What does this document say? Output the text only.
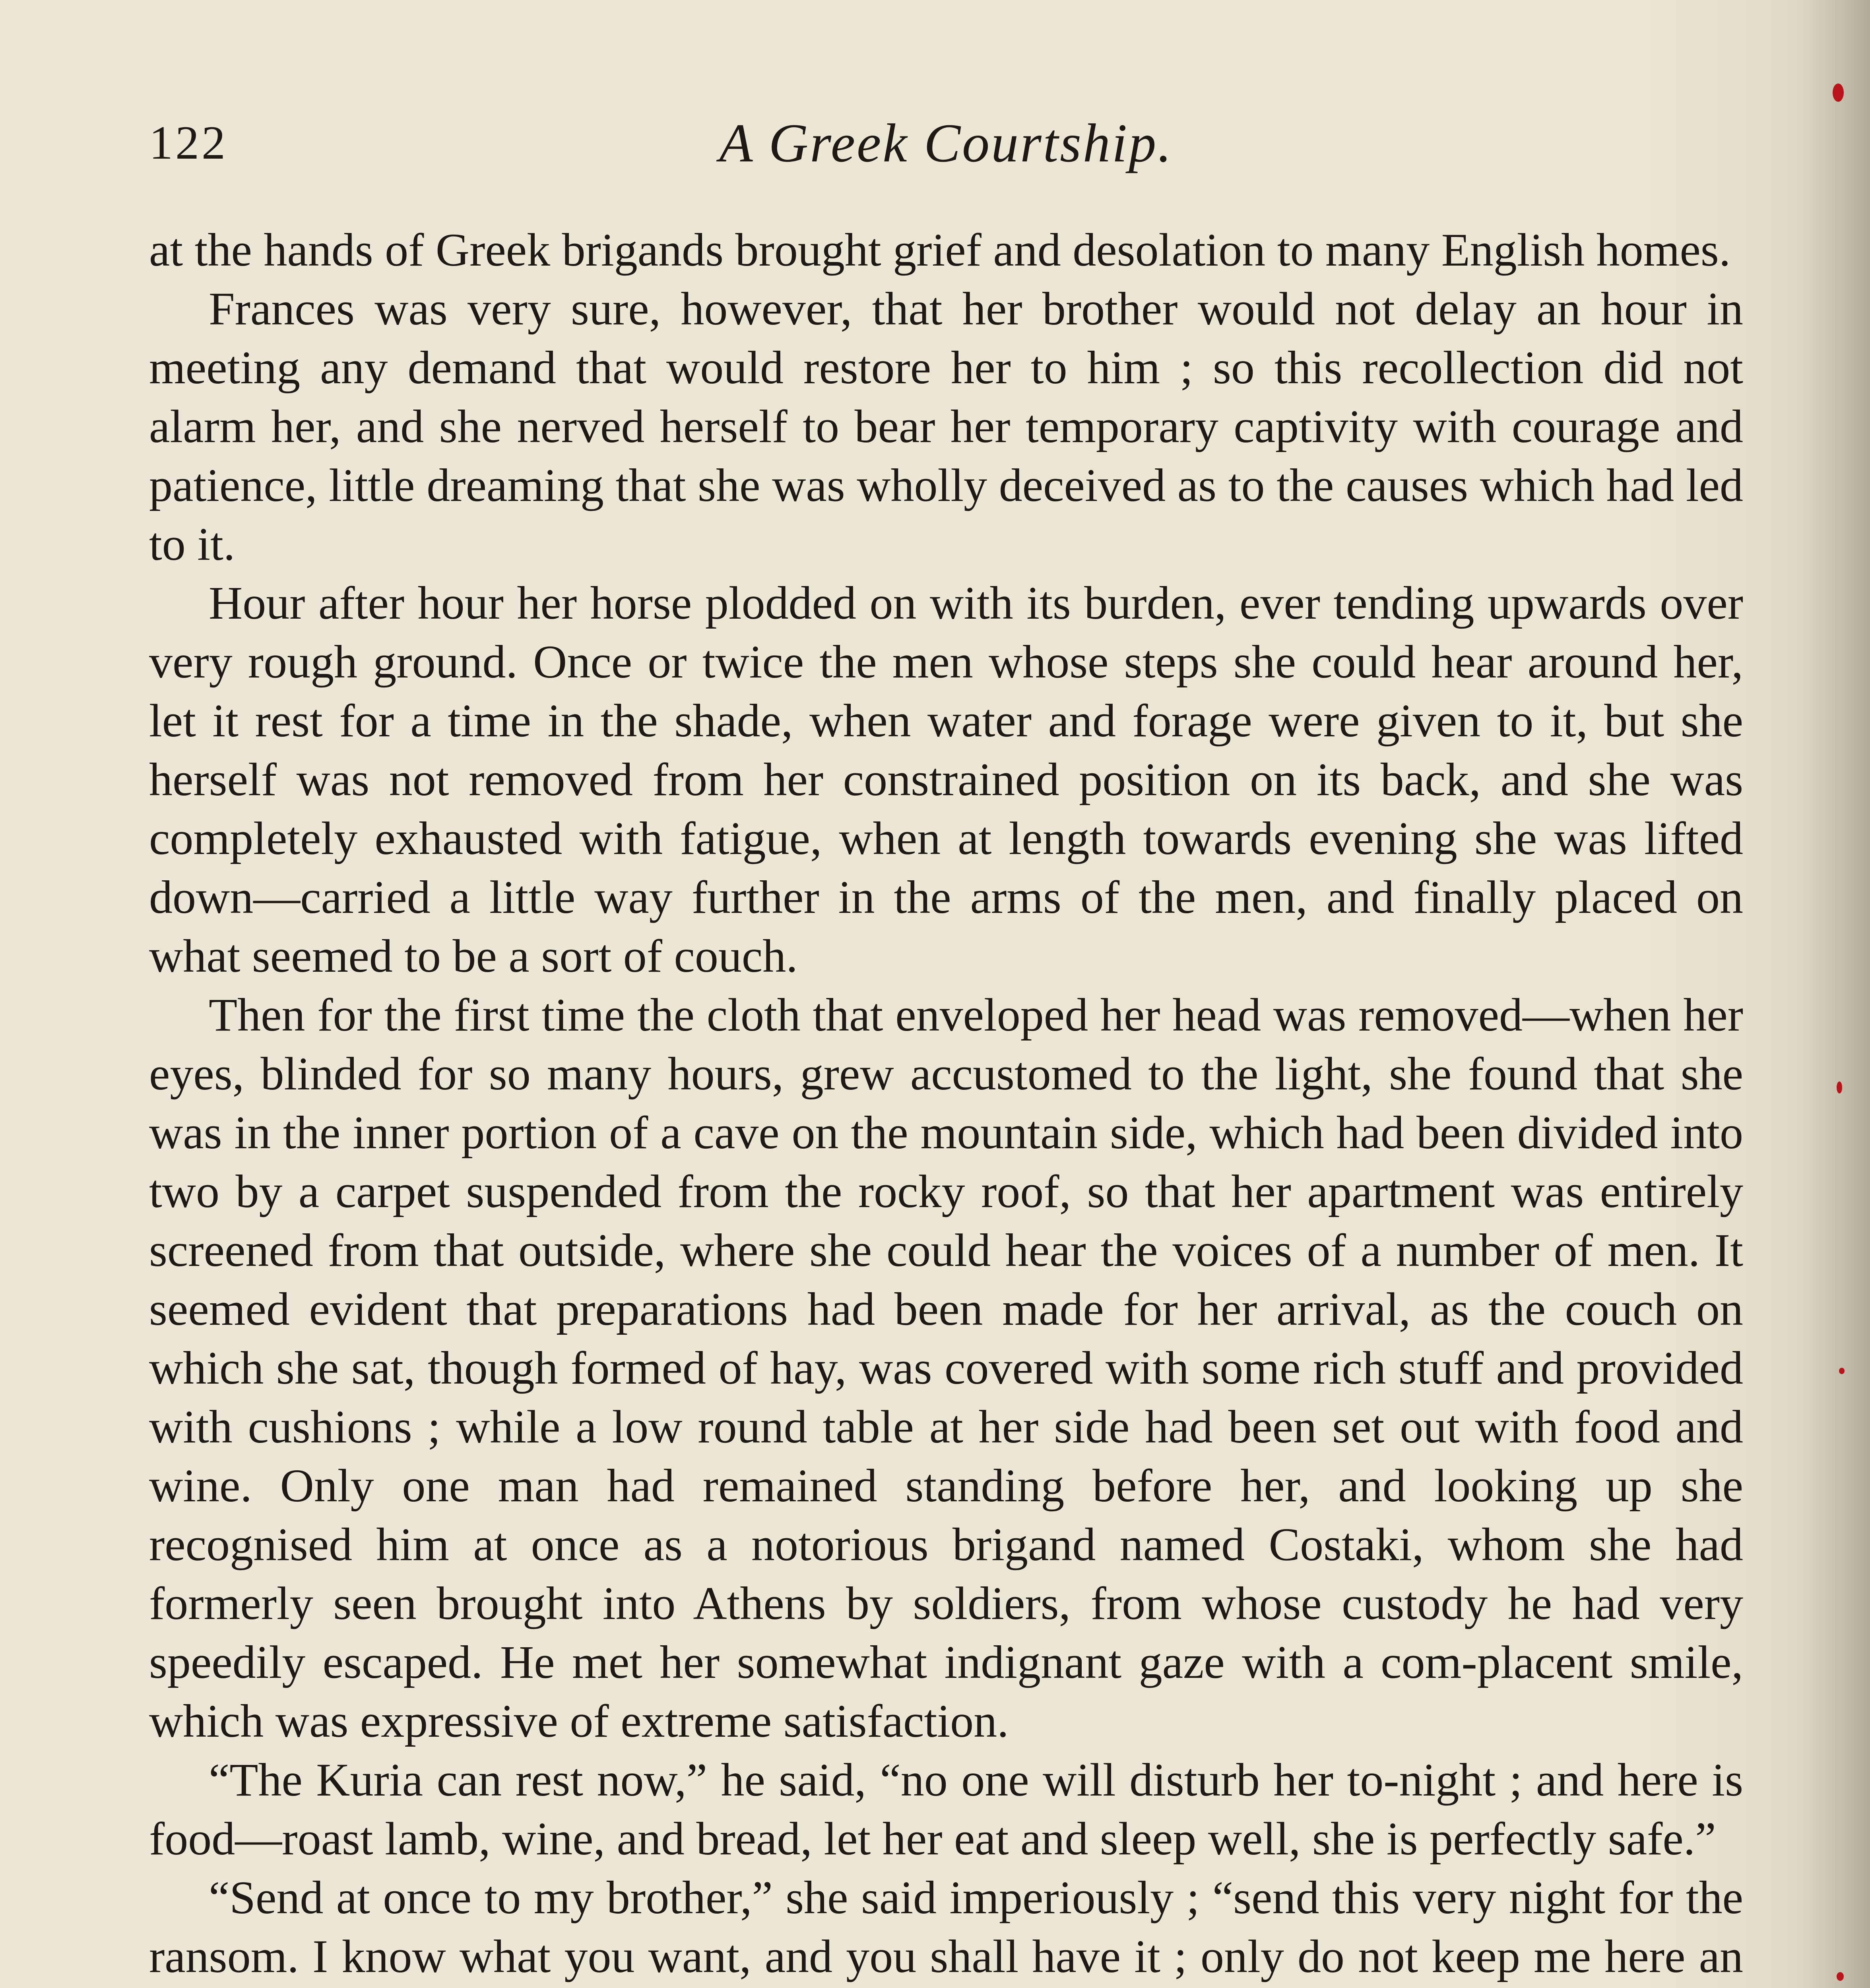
122	A Greek Courtship.

at the hands of Greek brigands brought grief and desolation to many English homes.

Frances was very sure, however, that her brother would not delay an hour in meeting any demand that would restore her to him ; so this recollection did not alarm her, and she nerved herself to bear her temporary captivity with courage and patience, little dreaming that she was wholly deceived as to the causes which had led to it.

Hour after hour her horse plodded on with its burden, ever tending upwards over very rough ground. Once or twice the men whose steps she could hear around her, let it rest for a time in the shade, when water and forage were given to it, but she herself was not removed from her constrained position on its back, and she was completely exhausted with fatigue, when at length towards evening she was lifted down—carried a little way further in the arms of the men, and finally placed on what seemed to be a sort of couch.

Then for the first time the cloth that enveloped her head was removed—when her eyes, blinded for so many hours, grew accustomed to the light, she found that she was in the inner portion of a cave on the mountain side, which had been divided into two by a carpet suspended from the rocky roof, so that her apartment was entirely screened from that outside, where she could hear the voices of a number of men. It seemed evident that preparations had been made for her arrival, as the couch on which she sat, though formed of hay, was covered with some rich stuff and provided with cushions ; while a low round table at her side had been set out with food and wine. Only one man had remained standing before her, and looking up she recognised him at once as a notorious brigand named Costaki, whom she had formerly seen brought into Athens by soldiers, from whose custody he had very speedily escaped. He met her somewhat indignant gaze with a com-placent smile, which was expressive of extreme satisfaction.

“The Kuria can rest now,” he said, “no one will disturb her to-night ; and here is food—roast lamb, wine, and bread, let her eat and sleep well, she is perfectly safe.”

“Send at once to my brother,” she said imperiously ; “send this very night for the ransom. I know what you want, and you shall have it ; only do not keep me here an
